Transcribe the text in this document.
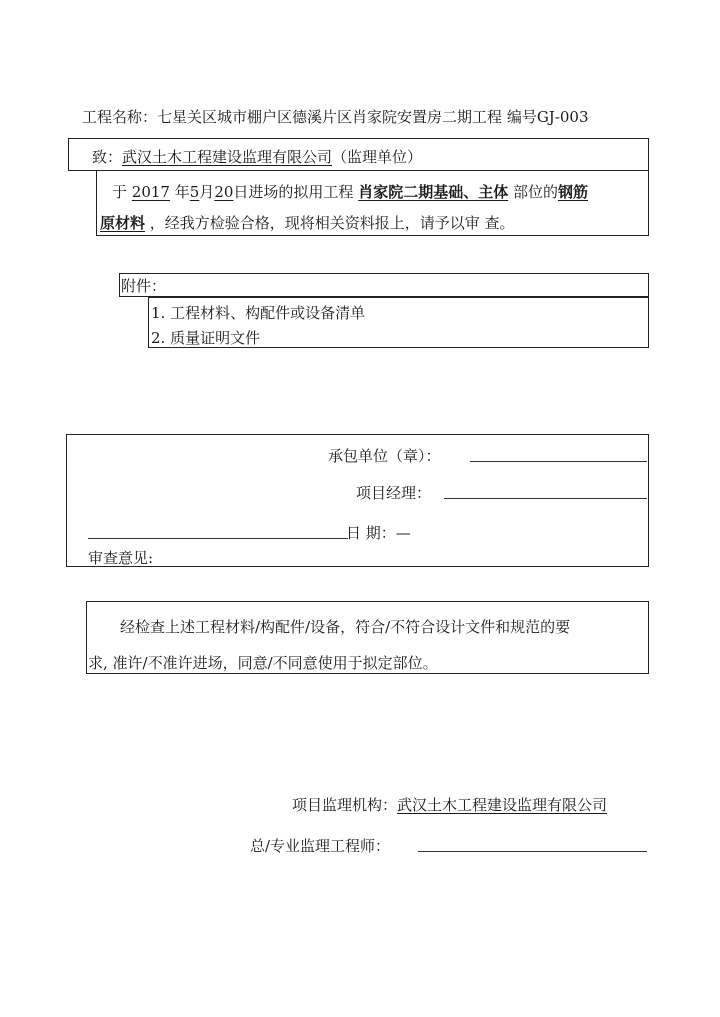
工程名称：七星关区城市棚户区德溪片区肖家院安置房二期工程 编号GJ-003
致：武汉土木工程建设监理有限公司（监理单位）
于 2017 年5月20日进场的拟用工程 肖家院二期基础、主体 部位的钢筋
原材料 ，经我方检验合格，现将相关资料报上，请予以审 查。
附件：
1. 工程材料、构配件或设备清单
2. 质量证明文件
承包单位（章）：
项目经理：
日 期：—
审查意见:
经检查上述工程材料/构配件/设备，符合/不符合设计文件和规范的要
求, 准许/不准许进场，同意/不同意使用于拟定部位。
项目监理机构：武汉土木工程建设监理有限公司
总/专业监理工程师：
